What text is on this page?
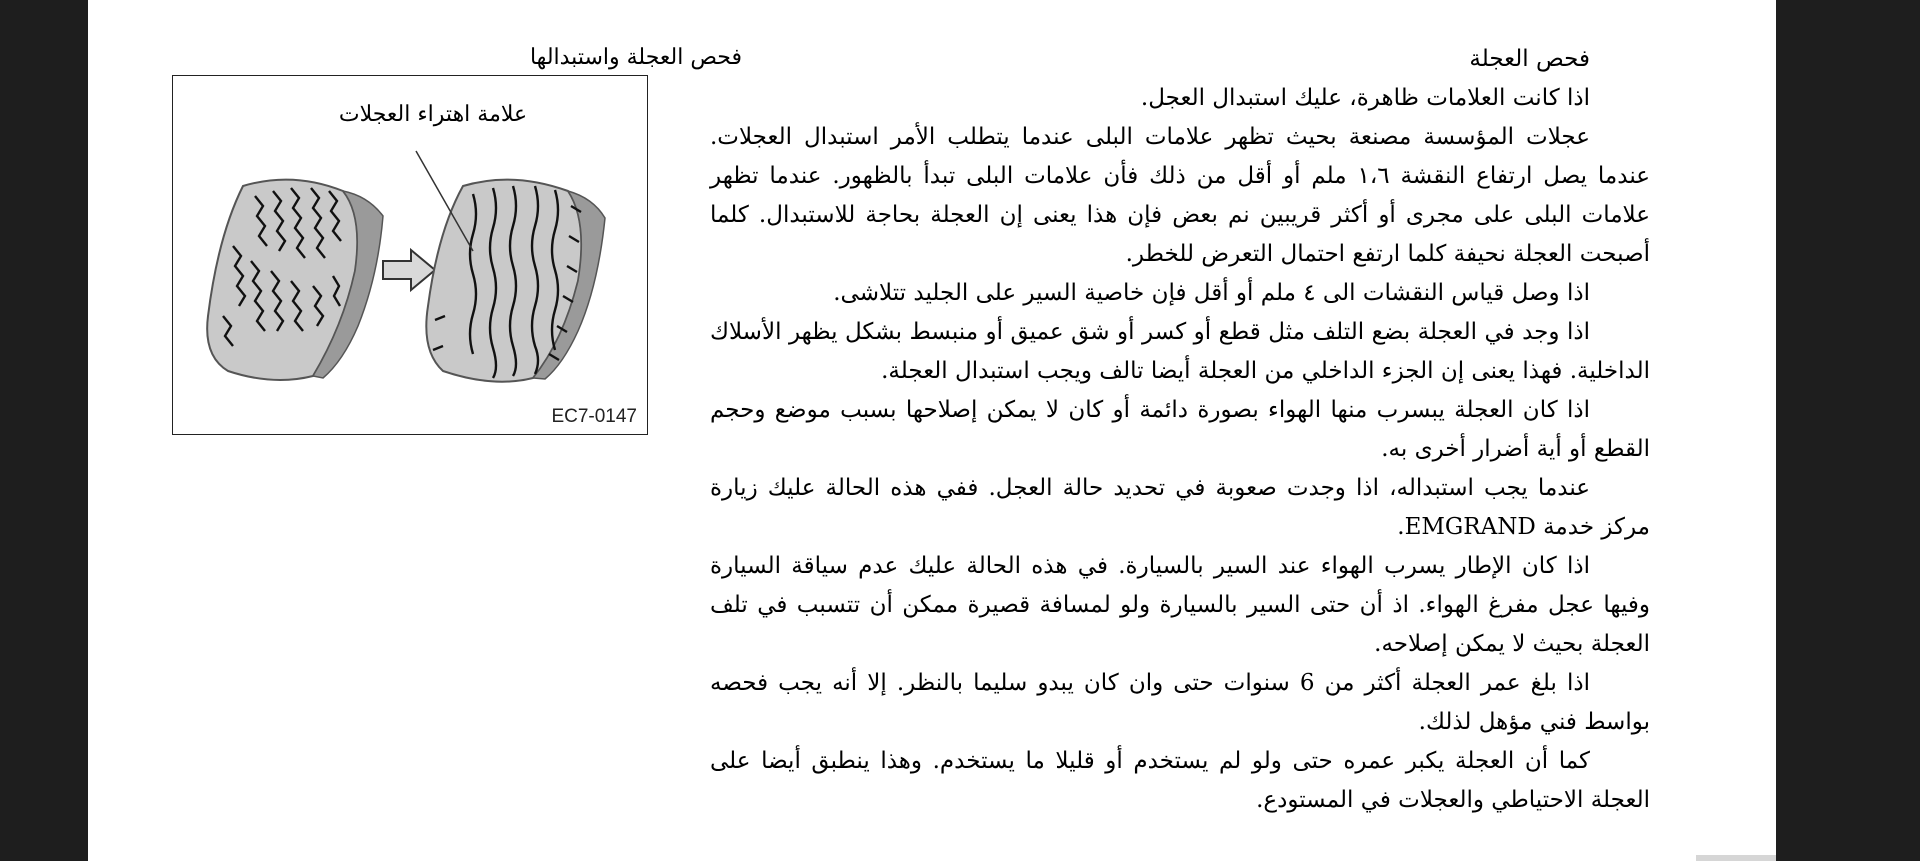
فحص العجلة واستبدالها
علامة اهتراء العجلات
EC7-0147

فحص العجلة

اذا كانت العلامات ظاهرة، عليك استبدال العجل.

عجلات المؤسسة مصنعة بحيث تظهر علامات البلى عندما يتطلب الأمر استبدال العجلات. عندما يصل ارتفاع النقشة ١،٦ ملم أو أقل من ذلك فأن علامات البلى تبدأ بالظهور. عندما تظهر علامات البلى على مجرى أو أكثر قريبين نم بعض فإن هذا يعنى إن العجلة بحاجة للاستبدال. كلما أصبحت العجلة نحيفة كلما ارتفع احتمال التعرض للخطر.

اذا وصل قياس النقشات الى ٤ ملم أو أقل فإن خاصية السير على الجليد تتلاشى.

اذا وجد في العجلة بضع التلف مثل قطع أو كسر أو شق عميق أو منبسط بشكل يظهر الأسلاك الداخلية. فهذا يعنى إن الجزء الداخلي من العجلة أيضا تالف ويجب استبدال العجلة.

اذا كان العجلة يبسرب منها الهواء بصورة دائمة أو كان لا يمكن إصلاحها بسبب موضع وحجم القطع أو أية أضرار أخرى به.

عندما يجب استبداله، اذا وجدت صعوبة في تحديد حالة العجل. ففي هذه الحالة عليك زيارة مركز خدمة EMGRAND.

اذا كان الإطار يسرب الهواء عند السير بالسيارة. في هذه الحالة عليك عدم سياقة السيارة وفيها عجل مفرغ الهواء. اذ أن حتى السير بالسيارة ولو لمسافة قصيرة ممكن أن تتسبب في تلف العجلة بحيث لا يمكن إصلاحه.

اذا بلغ عمر العجلة أكثر من 6 سنوات حتى وان كان يبدو سليما بالنظر. إلا أنه يجب فحصه بواسط فني مؤهل لذلك.

كما أن العجلة يكبر عمره حتى ولو لم يستخدم أو قليلا ما يستخدم. وهذا ينطبق أيضا على العجلة الاحتياطي والعجلات في المستودع.
